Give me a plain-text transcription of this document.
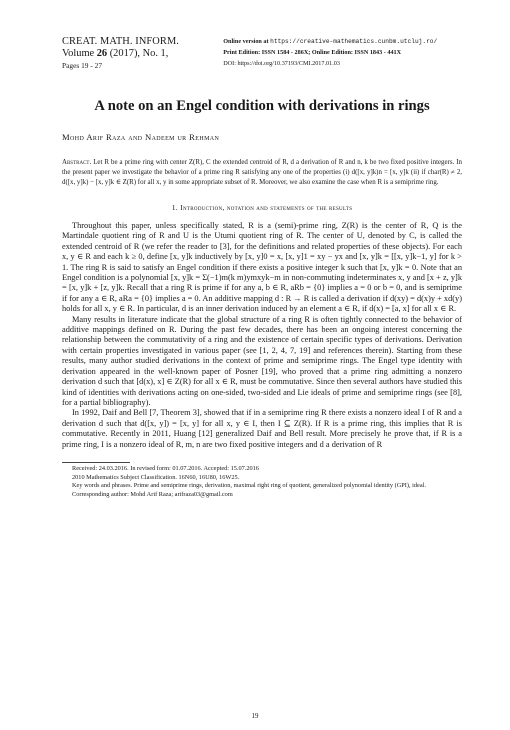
CREAT. MATH. INFORM.
Volume 26 (2017), No. 1,
Pages 19 - 27
Online version at https://creative-mathematics.cunbm.utcluj.ro/
Print Edition: ISSN 1584 - 286X; Online Edition: ISSN 1843 - 441X
DOI: https://doi.org/10.37193/CMI.2017.01.03
A note on an Engel condition with derivations in rings
Mohd Arif Raza and Nadeem ur Rehman
Abstract. Let R be a prime ring with center Z(R), C the extended centroid of R, d a derivation of R and n, k be two fixed positive integers. In the present paper we investigate the behavior of a prime ring R satisfying any one of the properties (i) d([x, y]k)n = [x, y]k (ii) if char(R) ≠ 2, d([x, y]k) − [x, y]k ∈ Z(R) for all x, y in some appropriate subset of R. Moreover, we also examine the case when R is a semiprime ring.
1. Introduction, notation and statements of the results

Throughout this paper, unless specifically stated, R is a (semi)-prime ring, Z(R) is the center of R, Q is the Martindale quotient ring of R and U is the Utumi quotient ring of R. The center of U, denoted by C, is called the extended centroid of R (we refer the reader to [3], for the definitions and related properties of these objects). For each x, y ∈ R and each k ≥ 0, define [x, y]k inductively by [x, y]0 = x, [x, y]1 = xy − yx and [x, y]k = [[x, y]k−1, y] for k > 1. The ring R is said to satisfy an Engel condition if there exists a positive integer k such that [x, y]k = 0. Note that an Engel condition is a polynomial [x, y]k = Σ(−1)m(k m)ymxyk−m in non-commuting indeterminates x, y and [x + z, y]k = [x, y]k + [z, y]k. Recall that a ring R is prime if for any a, b ∈ R, aRb = {0} implies a = 0 or b = 0, and is semiprime if for any a ∈ R, aRa = {0} implies a = 0. An additive mapping d : R → R is called a derivation if d(xy) = d(x)y + xd(y) holds for all x, y ∈ R. In particular, d is an inner derivation induced by an element a ∈ R, if d(x) = [a, x] for all x ∈ R.

Many results in literature indicate that the global structure of a ring R is often tightly connected to the behavior of additive mappings defined on R. During the past few decades, there has been an ongoing interest concerning the relationship between the commutativity of a ring and the existence of certain specific types of derivations. Derivation with certain properties investigated in various paper (see [1, 2, 4, 7, 19] and references therein). Starting from these results, many author studied derivations in the context of prime and semiprime rings. The Engel type identity with derivation appeared in the well-known paper of Posner [19], who proved that a prime ring admitting a nonzero derivation d such that [d(x), x] ∈ Z(R) for all x ∈ R, must be commutative. Since then several authors have studied this kind of identities with derivations acting on one-sided, two-sided and Lie ideals of prime and semiprime rings (see [8], for a partial bibliography).

In 1992, Daif and Bell [7, Theorem 3], showed that if in a semiprime ring R there exists a nonzero ideal I of R and a derivation d such that d([x, y]) = [x, y] for all x, y ∈ I, then I ⊆ Z(R). If R is a prime ring, this implies that R is commutative. Recently in 2011, Huang [12] generalized Daif and Bell result. More precisely he prove that, if R is a prime ring, I is a nonzero ideal of R, m, n are two fixed positive integers and d a derivation of R

Received: 24.03.2016. In revised form: 01.07.2016. Accepted: 15.07.2016
2010 Mathematics Subject Classification. 16N60, 16U80, 16W25.
Key words and phrases. Prime and semiprime rings, derivation, maximal right ring of quotient, generalized polynomial identity (GPI), ideal.
Corresponding author: Mohd Arif Raza; arifraza03@gmail.com
19
